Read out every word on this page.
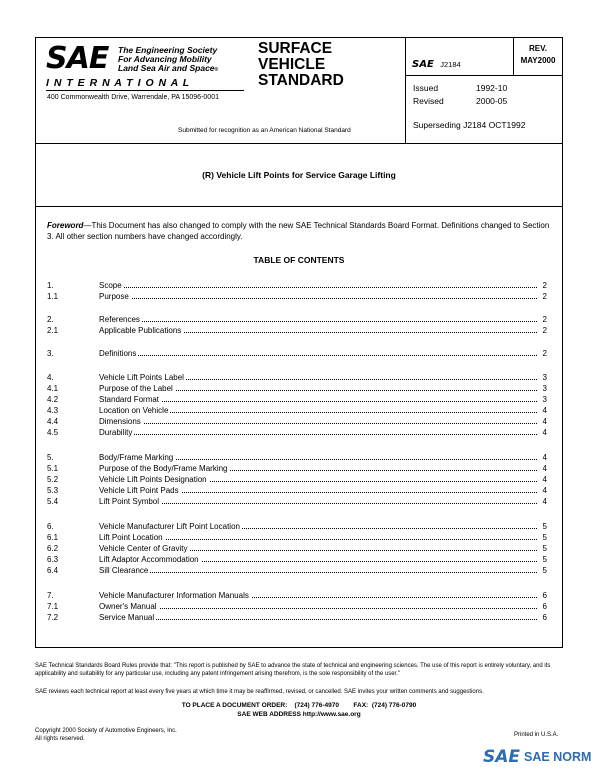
SAE The Engineering Society
For Advancing Mobility
Land Sea Air and Space®
I N T E R N A T I O N A L
400 Commonwealth Drive, Warrendale, PA 15096-0001
SURFACE
VEHICLE
STANDARD
SAE J2184
REV.
MAY2000
Issued	1992-10
Revised	2000-05
Superseding J2184 OCT1992
Submitted for recognition as an American National Standard
(R) Vehicle Lift Points for Service Garage Lifting
Foreword—This Document has also changed to comply with the new SAE Technical Standards Board Format. Definitions changed to Section 3. All other section numbers have changed accordingly.
TABLE OF CONTENTS
1.	Scope	2
1.1	Purpose	2
2.	References	2
2.1	Applicable Publications	2
3.	Definitions	2
4.	Vehicle Lift Points Label	3
4.1	Purpose of the Label	3
4.2	Standard Format	3
4.3	Location on Vehicle	4
4.4	Dimensions	4
4.5	Durability	4
5.	Body/Frame Marking	4
5.1	Purpose of the Body/Frame Marking	4
5.2	Vehicle Lift Points Designation	4
5.3	Vehicle Lift Point Pads	4
5.4	Lift Point Symbol	4
6.	Vehicle Manufacturer Lift Point Location	5
6.1	Lift Point Location	5
6.2	Vehicle Center of Gravity	5
6.3	Lift Adaptor Accommodation	5
6.4	Sill Clearance	5
7.	Vehicle Manufacturer Information Manuals	6
7.1	Owner's Manual	6
7.2	Service Manual	6
SAE Technical Standards Board Rules provide that: "This report is published by SAE to advance the state of technical and engineering sciences. The use of this report is entirely voluntary, and its applicability and suitability for any particular use, including any patent infringement arising therefrom, is the sole responsibility of the user."
SAE reviews each technical report at least every five years at which time it may be reaffirmed, revised, or cancelled. SAE invites your written comments and suggestions.
TO PLACE A DOCUMENT ORDER:    (724) 776-4970        FAX:  (724) 776-0790
SAE WEB ADDRESS http://www.sae.org
Copyright 2000 Society of Automotive Engineers, Inc.
All rights reserved.
Printed in U.S.A.
SAE SAE NORM
